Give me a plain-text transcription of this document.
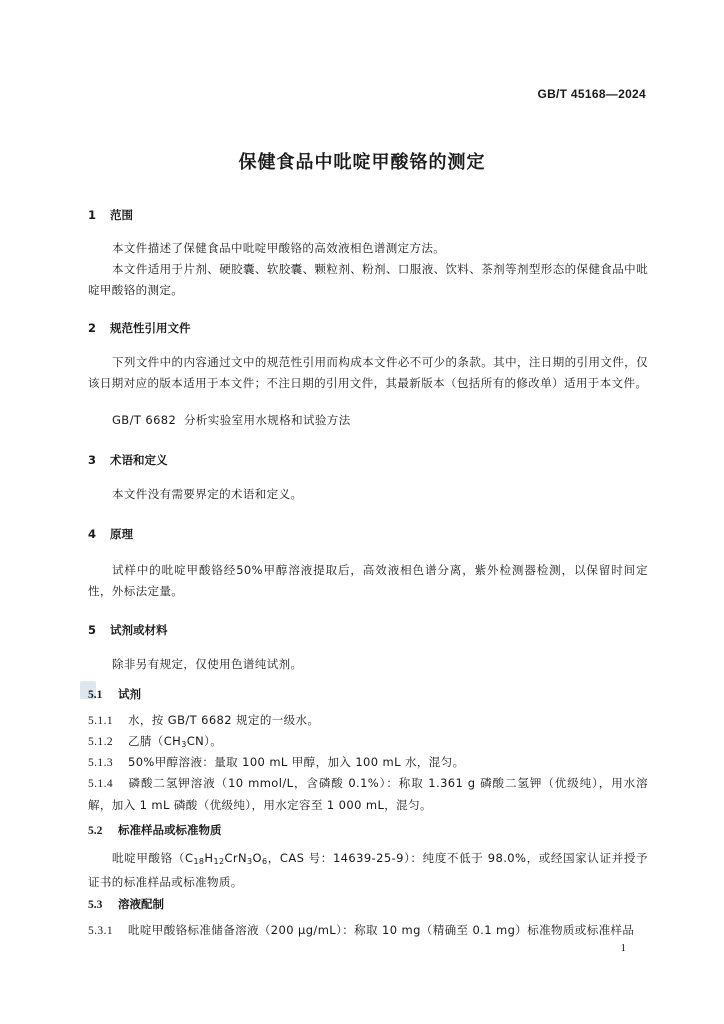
GB/T 45168—2024
保健食品中吡啶甲酸铬的测定
1 范围
本文件描述了保健食品中吡啶甲酸铬的高效液相色谱测定方法。
本文件适用于片剂、硬胶囊、软胶囊、颗粒剂、粉剂、口服液、饮料、茶剂等剂型形态的保健食品中吡啶甲酸铬的测定。
2 规范性引用文件
下列文件中的内容通过文中的规范性引用而构成本文件必不可少的条款。其中，注日期的引用文件，仅该日期对应的版本适用于本文件；不注日期的引用文件，其最新版本（包括所有的修改单）适用于本文件。
GB/T 6682 分析实验室用水规格和试验方法
3 术语和定义
本文件没有需要界定的术语和定义。
4 原理
试样中的吡啶甲酸铬经50%甲醇溶液提取后，高效液相色谱分离，紫外检测器检测，以保留时间定性，外标法定量。
5 试剂或材料
除非另有规定，仅使用色谱纯试剂。
5.1 试剂
5.1.1 水，按 GB/T 6682 规定的一级水。
5.1.2 乙腈$(CH_3CN)$。
5.1.3 50%甲醇溶液：量取 100 mL 甲醇，加入 100 mL 水，混匀。
5.1.4 磷酸二氢钾溶液（10 mmol/L，含磷酸 0.1%）：称取 1.361 g 磷酸二氢钾（优级纯），用水溶解，加入 1 mL 磷酸（优级纯），用水定容至 1 000 mL，混匀。
5.2 标准样品或标准物质
吡啶甲酸铬（$C_{18}H_{12}CrN_3O_6$，CAS 号：14639-25-9）：纯度不低于 98.0%，或经国家认证并授予证书的标准样品或标准物质。
5.3 溶液配制
5.3.1 吡啶甲酸铬标准储备溶液（200 μg/mL）：称取 10 mg（精确至 0.1 mg）标准物质或标准样品
1
